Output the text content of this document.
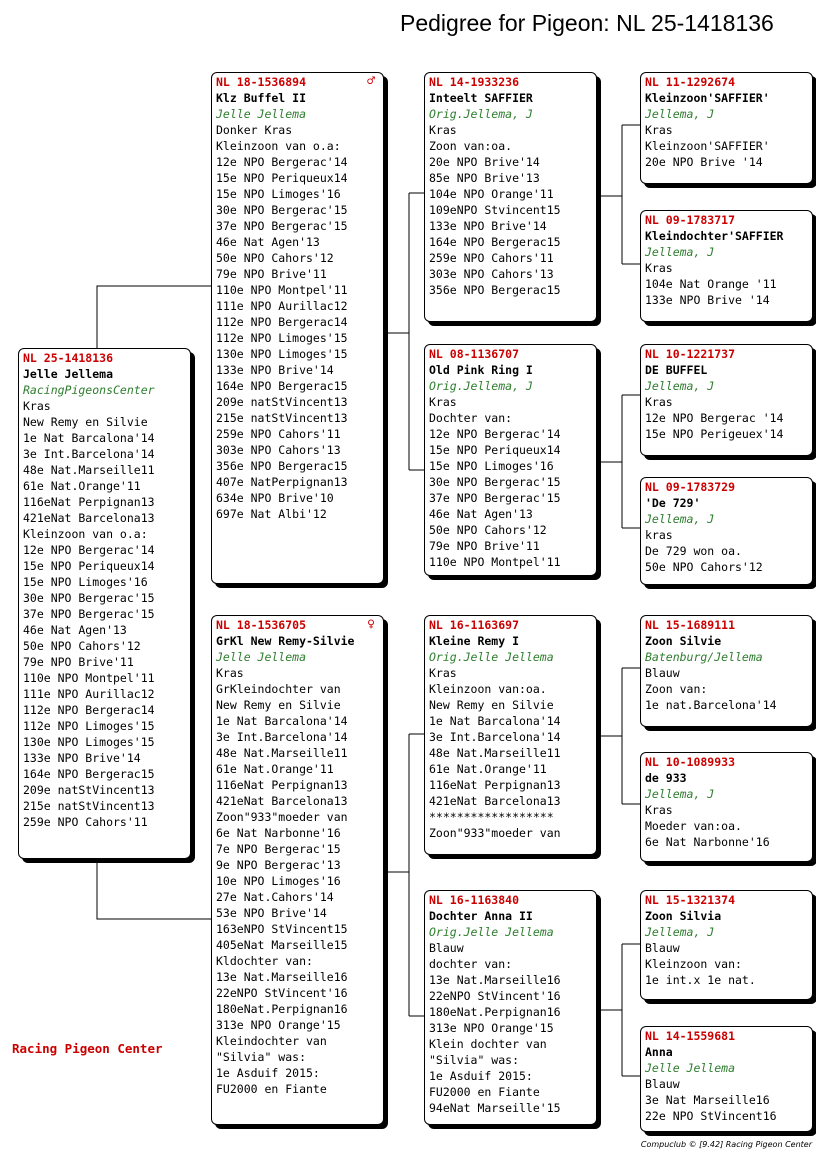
Pedigree for Pigeon: NL 25-1418136
NL 25-1418136
Jelle Jellema
RacingPigeonsCenter
Kras
New Remy en Silvie
1e Nat Barcalona'14
3e Int.Barcelona'14
48e Nat.Marseille11
61e Nat.Orange'11
116eNat Perpignan13
421eNat Barcelona13
Kleinzoon van o.a:
12e NPO Bergerac'14
15e NPO Periqueux14
15e NPO Limoges'16
30e NPO Bergerac'15
37e NPO Bergerac'15
46e Nat Agen'13
50e NPO Cahors'12
79e NPO Brive'11
110e NPO Montpel'11
111e NPO Aurillac12
112e NPO Bergerac14
112e NPO Limoges'15
130e NPO Limoges'15
133e NPO Brive'14
164e NPO Bergerac15
209e natStVincent13
215e natStVincent13
259e NPO Cahors'11
NL 18-1536894	♂
Klz Buffel II
Jelle Jellema
Donker Kras
Kleinzoon van o.a:
12e NPO Bergerac'14
15e NPO Periqueux14
15e NPO Limoges'16
30e NPO Bergerac'15
37e NPO Bergerac'15
46e Nat Agen'13
50e NPO Cahors'12
79e NPO Brive'11
110e NPO Montpel'11
111e NPO Aurillac12
112e NPO Bergerac14
112e NPO Limoges'15
130e NPO Limoges'15
133e NPO Brive'14
164e NPO Bergerac15
209e natStVincent13
215e natStVincent13
259e NPO Cahors'11
303e NPO Cahors'13
356e NPO Bergerac15
407e NatPerpignan13
634e NPO Brive'10
697e Nat Albi'12
NL 18-1536705	♀
GrKl New Remy-Silvie
Jelle Jellema
Kras
GrKleindochter van
New Remy en Silvie
1e Nat Barcalona'14
3e Int.Barcelona'14
48e Nat.Marseille11
61e Nat.Orange'11
116eNat Perpignan13
421eNat Barcelona13
Zoon"933"moeder van
6e Nat Narbonne'16
7e NPO Bergerac'15
9e NPO Bergerac'13
10e NPO Limoges'16
27e Nat.Cahors'14
53e NPO Brive'14
163eNPO StVincent15
405eNat Marseille15
Kldochter van:
13e Nat.Marseille16
22eNPO StVincent'16
180eNat.Perpignan16
313e NPO Orange'15
Kleindochter van
"Silvia" was:
1e Asduif 2015:
FU2000 en Fiante
NL 14-1933236
Inteelt SAFFIER
Orig.Jellema, J
Kras
Zoon van:oa.
20e NPO Brive'14
85e NPO Brive'13
104e NPO Orange'11
109eNPO Stvincent15
133e NPO Brive'14
164e NPO Bergerac15
259e NPO Cahors'11
303e NPO Cahors'13
356e NPO Bergerac15
NL 08-1136707
Old Pink Ring I
Orig.Jellema, J
Kras
Dochter van:
12e NPO Bergerac'14
15e NPO Periqueux14
15e NPO Limoges'16
30e NPO Bergerac'15
37e NPO Bergerac'15
46e Nat Agen'13
50e NPO Cahors'12
79e NPO Brive'11
110e NPO Montpel'11
NL 16-1163697
Kleine Remy I
Orig.Jelle Jellema
Kras
Kleinzoon van:oa.
New Remy en Silvie
1e Nat Barcalona'14
3e Int.Barcelona'14
48e Nat.Marseille11
61e Nat.Orange'11
116eNat Perpignan13
421eNat Barcelona13
******************
Zoon"933"moeder van
NL 16-1163840
Dochter Anna II
Orig.Jelle Jellema
Blauw
dochter van:
13e Nat.Marseille16
22eNPO StVincent'16
180eNat.Perpignan16
313e NPO Orange'15
Klein dochter van
"Silvia" was:
1e Asduif 2015:
FU2000 en Fiante
94eNat Marseille'15
NL 11-1292674
Kleinzoon'SAFFIER'
Jellema, J
Kras
Kleinzoon'SAFFIER'
20e NPO Brive '14
NL 09-1783717
Kleindochter'SAFFIER
Jellema, J
Kras
104e Nat Orange '11
133e NPO Brive '14
NL 10-1221737
DE BUFFEL
Jellema, J
Kras
12e NPO Bergerac '14
15e NPO Perigeuex'14
NL 09-1783729
'De 729'
Jellema, J
kras
De 729 won oa.
50e NPO Cahors'12
NL 15-1689111
Zoon Silvie
Batenburg/Jellema
Blauw
Zoon van:
1e nat.Barcelona'14
NL 10-1089933
de 933
Jellema, J
Kras
Moeder van:oa.
6e Nat Narbonne'16
NL 15-1321374
Zoon Silvia
Jellema, J
Blauw
Kleinzoon van:
1e int.x 1e nat.
NL 14-1559681
Anna
Jelle Jellema
Blauw
3e Nat Marseille16
22e NPO StVincent16
Racing Pigeon Center
Compuclub © [9.42] Racing Pigeon Center
